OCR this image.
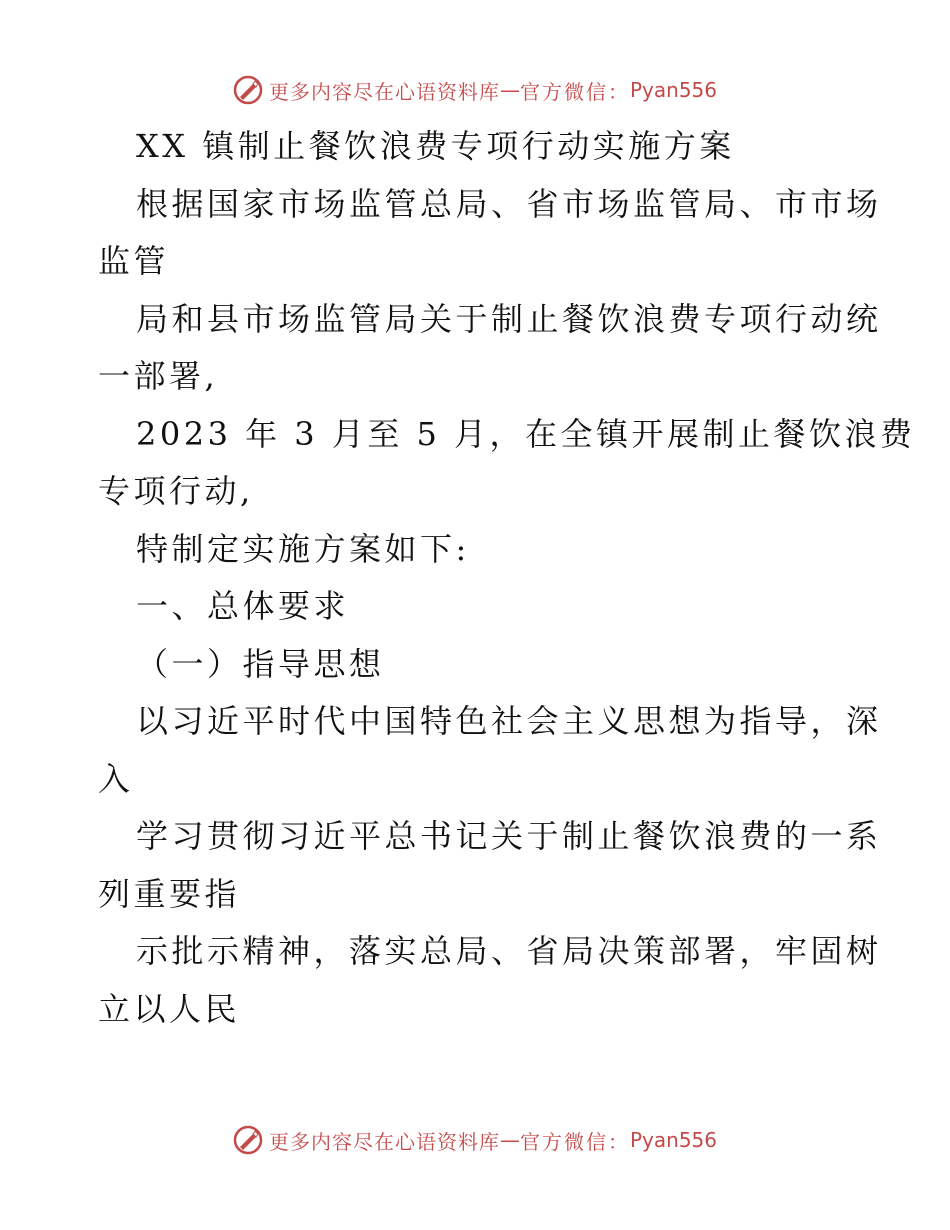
更多内容尽在心语资料库 — 官方微信： Pyan556

XX 镇制止餐饮浪费专项行动实施方案

根据国家市场监管总局、省市场监管局、市市场
监管

局和县市场监管局关于制止餐饮浪费专项行动统
一部署,

2023 年 3 月至 5 月，在全镇开展制止餐饮浪费
专项行动,

特制定实施方案如下:

一、总体要求

（一）指导思想

以习近平时代中国特色社会主义思想为指导，深
入

学习贯彻习近平总书记关于制止餐饮浪费的一系
列重要指

示批示精神，落实总局、省局决策部署，牢固树
立以人民

更多内容尽在心语资料库 — 官方微信： Pyan556
